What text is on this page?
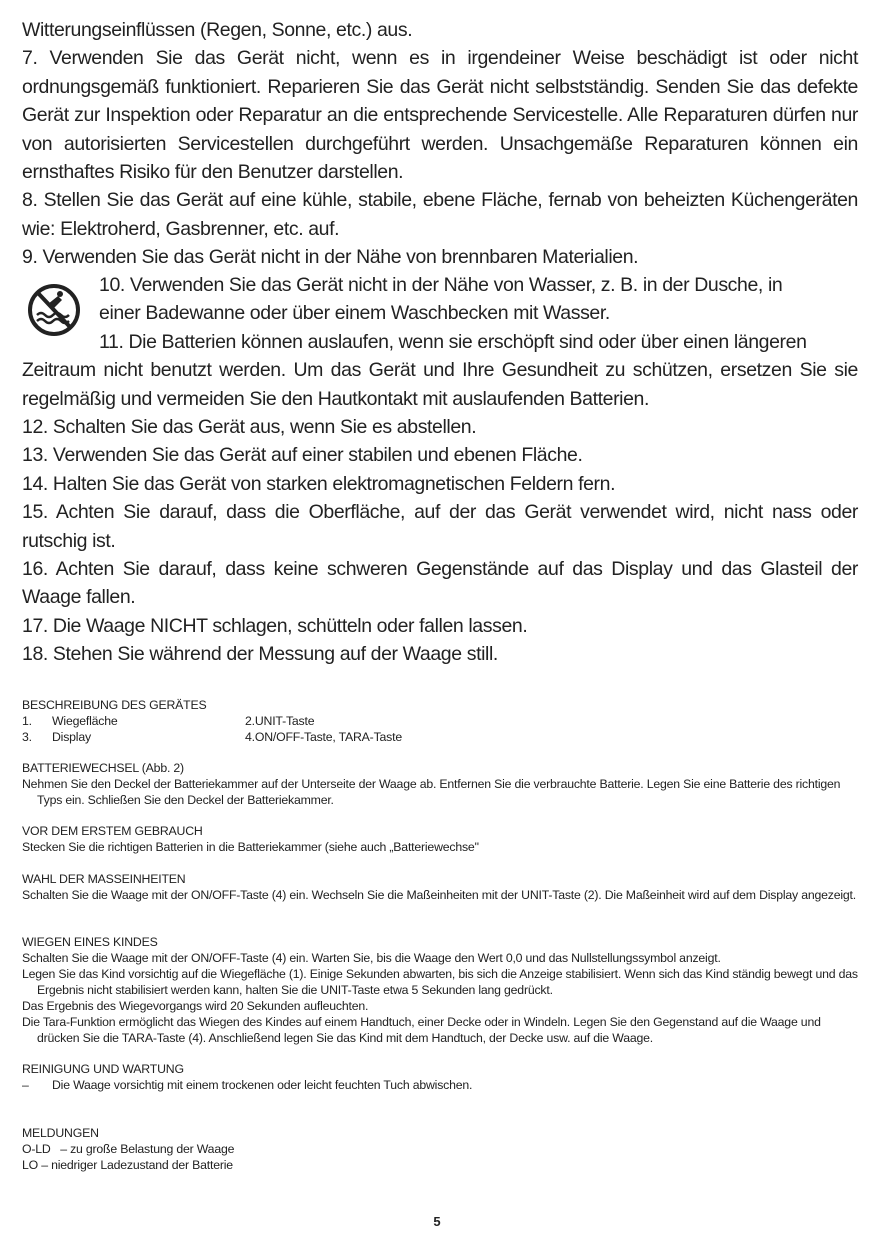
Witterungseinflüssen (Regen, Sonne, etc.) aus.

7. Verwenden Sie das Gerät nicht, wenn es in irgendeiner Weise beschädigt ist oder nicht ordnungsgemäß funktioniert. Reparieren Sie das Gerät nicht selbstständig. Senden Sie das defekte Gerät zur Inspektion oder Reparatur an die entsprechende Servicestelle. Alle Reparaturen dürfen nur von autorisierten Servicestellen durchgeführt werden. Unsachgemäße Reparaturen können ein ernsthaftes Risiko für den Benutzer darstellen.

8. Stellen Sie das Gerät auf eine kühle, stabile, ebene Fläche, fernab von beheizten Küchengeräten wie: Elektroherd, Gasbrenner, etc. auf.

9. Verwenden Sie das Gerät nicht in der Nähe von brennbaren Materialien.

10. Verwenden Sie das Gerät nicht in der Nähe von Wasser, z. B. in der Dusche, in

einer Badewanne oder über einem Waschbecken mit Wasser.

11. Die Batterien können auslaufen, wenn sie erschöpft sind oder über einen längeren

Zeitraum nicht benutzt werden. Um das Gerät und Ihre Gesundheit zu schützen, ersetzen Sie sie regelmäßig und vermeiden Sie den Hautkontakt mit auslaufenden Batterien.

12. Schalten Sie das Gerät aus, wenn Sie es abstellen.

13. Verwenden Sie das Gerät auf einer stabilen und ebenen Fläche.

14. Halten Sie das Gerät von starken elektromagnetischen Feldern fern.

15. Achten Sie darauf, dass die Oberfläche, auf der das Gerät verwendet wird, nicht nass oder rutschig ist.

16. Achten Sie darauf, dass keine schweren Gegenstände auf das Display und das Glasteil der Waage fallen.

17. Die Waage NICHT schlagen, schütteln oder fallen lassen.

18. Stehen Sie während der Messung auf der Waage still.

BESCHREIBUNG DES GERÄTES

1.	Wiegefläche	2.UNIT-Taste
3.	Display	4.ON/OFF-Taste, TARA-Taste

BATTERIEWECHSEL (Abb. 2)

Nehmen Sie den Deckel der Batteriekammer auf der Unterseite der Waage ab. Entfernen Sie die verbrauchte Batterie. Legen Sie eine Batterie des richtigen Typs ein. Schließen Sie den Deckel der Batteriekammer.

VOR DEM ERSTEM GEBRAUCH

Stecken Sie die richtigen Batterien in die Batteriekammer (siehe auch „Batteriewechse"

WAHL DER MASSEINHEITEN

Schalten Sie die Waage mit der ON/OFF-Taste (4) ein. Wechseln Sie die Maßeinheiten mit der UNIT-Taste (2). Die Maßeinheit wird auf dem Display angezeigt.

WIEGEN EINES KINDES

Schalten Sie die Waage mit der ON/OFF-Taste (4) ein. Warten Sie, bis die Waage den Wert 0,0 und das Nullstellungssymbol anzeigt.

Legen Sie das Kind vorsichtig auf die Wiegefläche (1). Einige Sekunden abwarten, bis sich die Anzeige stabilisiert. Wenn sich das Kind ständig bewegt und das Ergebnis nicht stabilisiert werden kann, halten Sie die UNIT-Taste etwa 5 Sekunden lang gedrückt.

Das Ergebnis des Wiegevorgangs wird 20 Sekunden aufleuchten.

Die Tara-Funktion ermöglicht das Wiegen des Kindes auf einem Handtuch, einer Decke oder in Windeln. Legen Sie den Gegenstand auf die Waage und drücken Sie die TARA-Taste (4). Anschließend legen Sie das Kind mit dem Handtuch, der Decke usw. auf die Waage.

REINIGUNG UND WARTUNG

–	Die Waage vorsichtig mit einem trockenen oder leicht feuchten Tuch abwischen.

MELDUNGEN

O-LD   – zu große Belastung der Waage

LO – niedriger Ladezustand der Batterie

5
